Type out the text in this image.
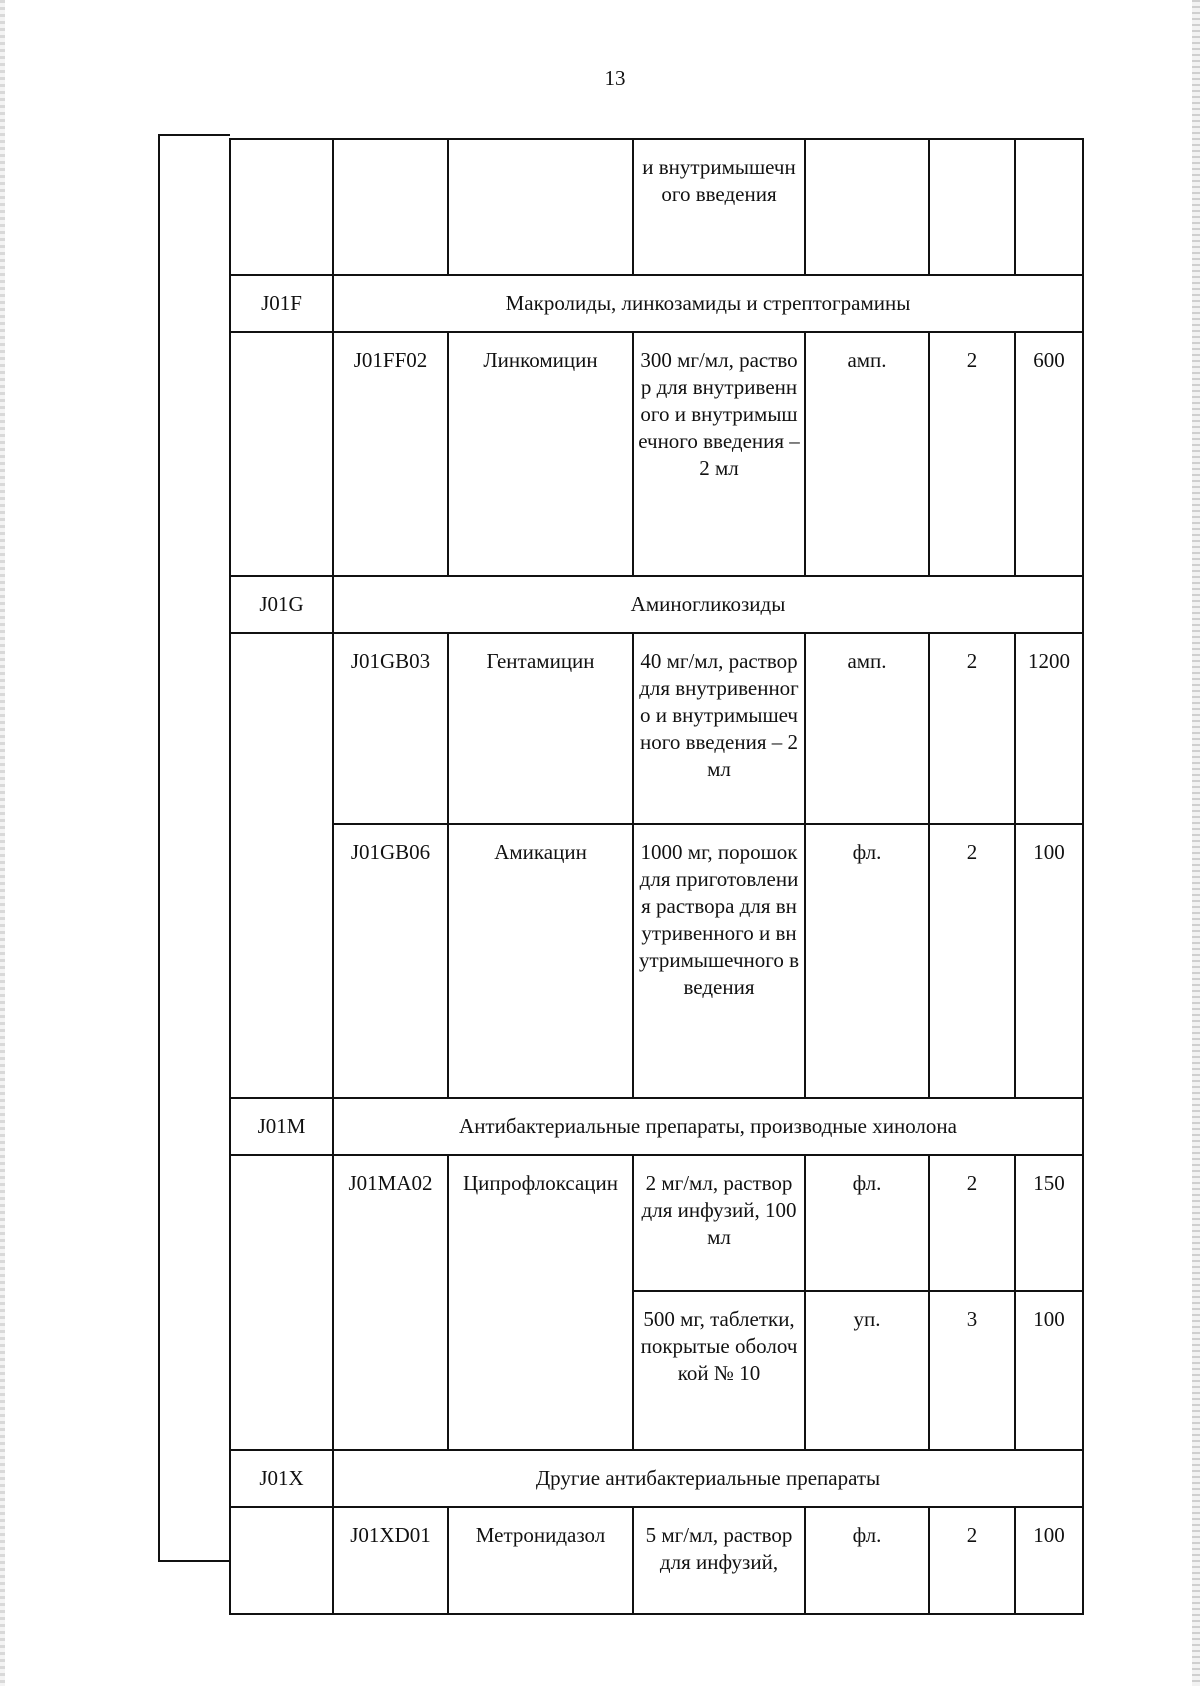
13
			и внутримышечного введения			
J01F	Макролиды, линкозамиды и стрептограмины					
	J01FF02	Линкомицин	300 мг/мл, раствор для внутривенного и внутримышечного введения – 2 мл	амп.	2	600
J01G	Аминогликозиды					
	J01GB03	Гентамицин	40 мг/мл, раствор для внутривенного и внутримышечного введения – 2 мл	амп.	2	1200
	J01GB06	Амикацин	1000 мг, порошок для приготовления раствора для внутривенного и внутримышечного введения	фл.	2	100
J01M	Антибактериальные препараты, производные хинолона					
	J01MA02	Ципрофлоксацин	2 мг/мл, раствор для инфузий, 100 мл	фл.	2	150
			500 мг, таблетки, покрытые оболочкой № 10	уп.	3	100
J01X	Другие антибактериальные препараты					
	J01XD01	Метронидазол	5 мг/мл, раствор для инфузий,	фл.	2	100
